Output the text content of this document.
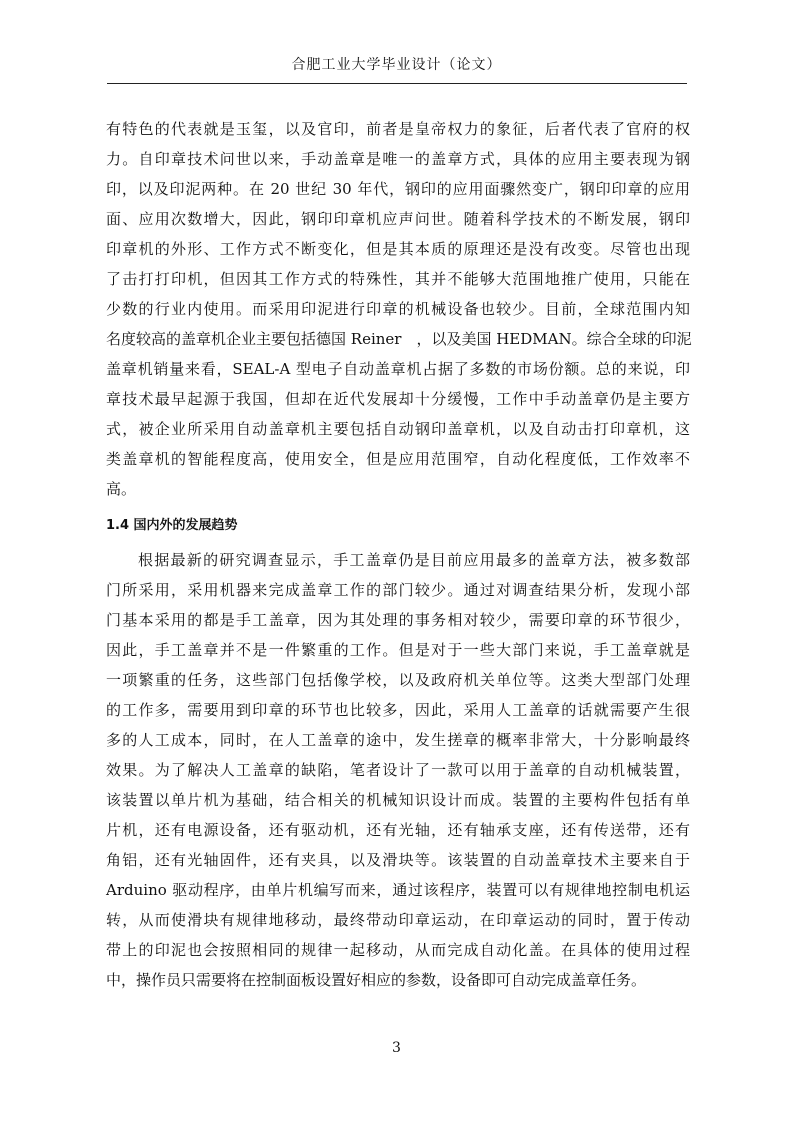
合肥工业大学毕业设计（论文）
有特色的代表就是玉玺，以及官印，前者是皇帝权力的象征，后者代表了官府的权
力。自印章技术问世以来，手动盖章是唯一的盖章方式，具体的应用主要表现为钢
印，以及印泥两种。在 20 世纪 30 年代，钢印的应用面骤然变广，钢印印章的应用
面、应用次数增大，因此，钢印印章机应声问世。随着科学技术的不断发展，钢印
印章机的外形、工作方式不断变化，但是其本质的原理还是没有改变。尽管也出现
了击打打印机，但因其工作方式的特殊性，其并不能够大范围地推广使用，只能在
少数的行业内使用。而采用印泥进行印章的机械设备也较少。目前，全球范围内知
名度较高的盖章机企业主要包括德国 Reiner　，以及美国 HEDMAN。综合全球的印泥
盖章机销量来看，SEAL-A 型电子自动盖章机占据了多数的市场份额。总的来说，印
章技术最早起源于我国，但却在近代发展却十分缓慢，工作中手动盖章仍是主要方
式，被企业所采用自动盖章机主要包括自动钢印盖章机，以及自动击打印章机，这
类盖章机的智能程度高，使用安全，但是应用范围窄，自动化程度低，工作效率不
高。
1.4 国内外的发展趋势
根据最新的研究调查显示，手工盖章仍是目前应用最多的盖章方法，被多数部
门所采用，采用机器来完成盖章工作的部门较少。通过对调查结果分析，发现小部
门基本采用的都是手工盖章，因为其处理的事务相对较少，需要印章的环节很少，
因此，手工盖章并不是一件繁重的工作。但是对于一些大部门来说，手工盖章就是
一项繁重的任务，这些部门包括像学校，以及政府机关单位等。这类大型部门处理
的工作多，需要用到印章的环节也比较多，因此，采用人工盖章的话就需要产生很
多的人工成本，同时，在人工盖章的途中，发生搓章的概率非常大，十分影响最终
效果。为了解决人工盖章的缺陷，笔者设计了一款可以用于盖章的自动机械装置，
该装置以单片机为基础，结合相关的机械知识设计而成。装置的主要构件包括有单
片机，还有电源设备，还有驱动机，还有光轴，还有轴承支座，还有传送带，还有
角铝，还有光轴固件，还有夹具，以及滑块等。该装置的自动盖章技术主要来自于
Arduino 驱动程序，由单片机编写而来，通过该程序，装置可以有规律地控制电机运
转，从而使滑块有规律地移动，最终带动印章运动，在印章运动的同时，置于传动
带上的印泥也会按照相同的规律一起移动，从而完成自动化盖。在具体的使用过程
中，操作员只需要将在控制面板设置好相应的参数，设备即可自动完成盖章任务。
3
